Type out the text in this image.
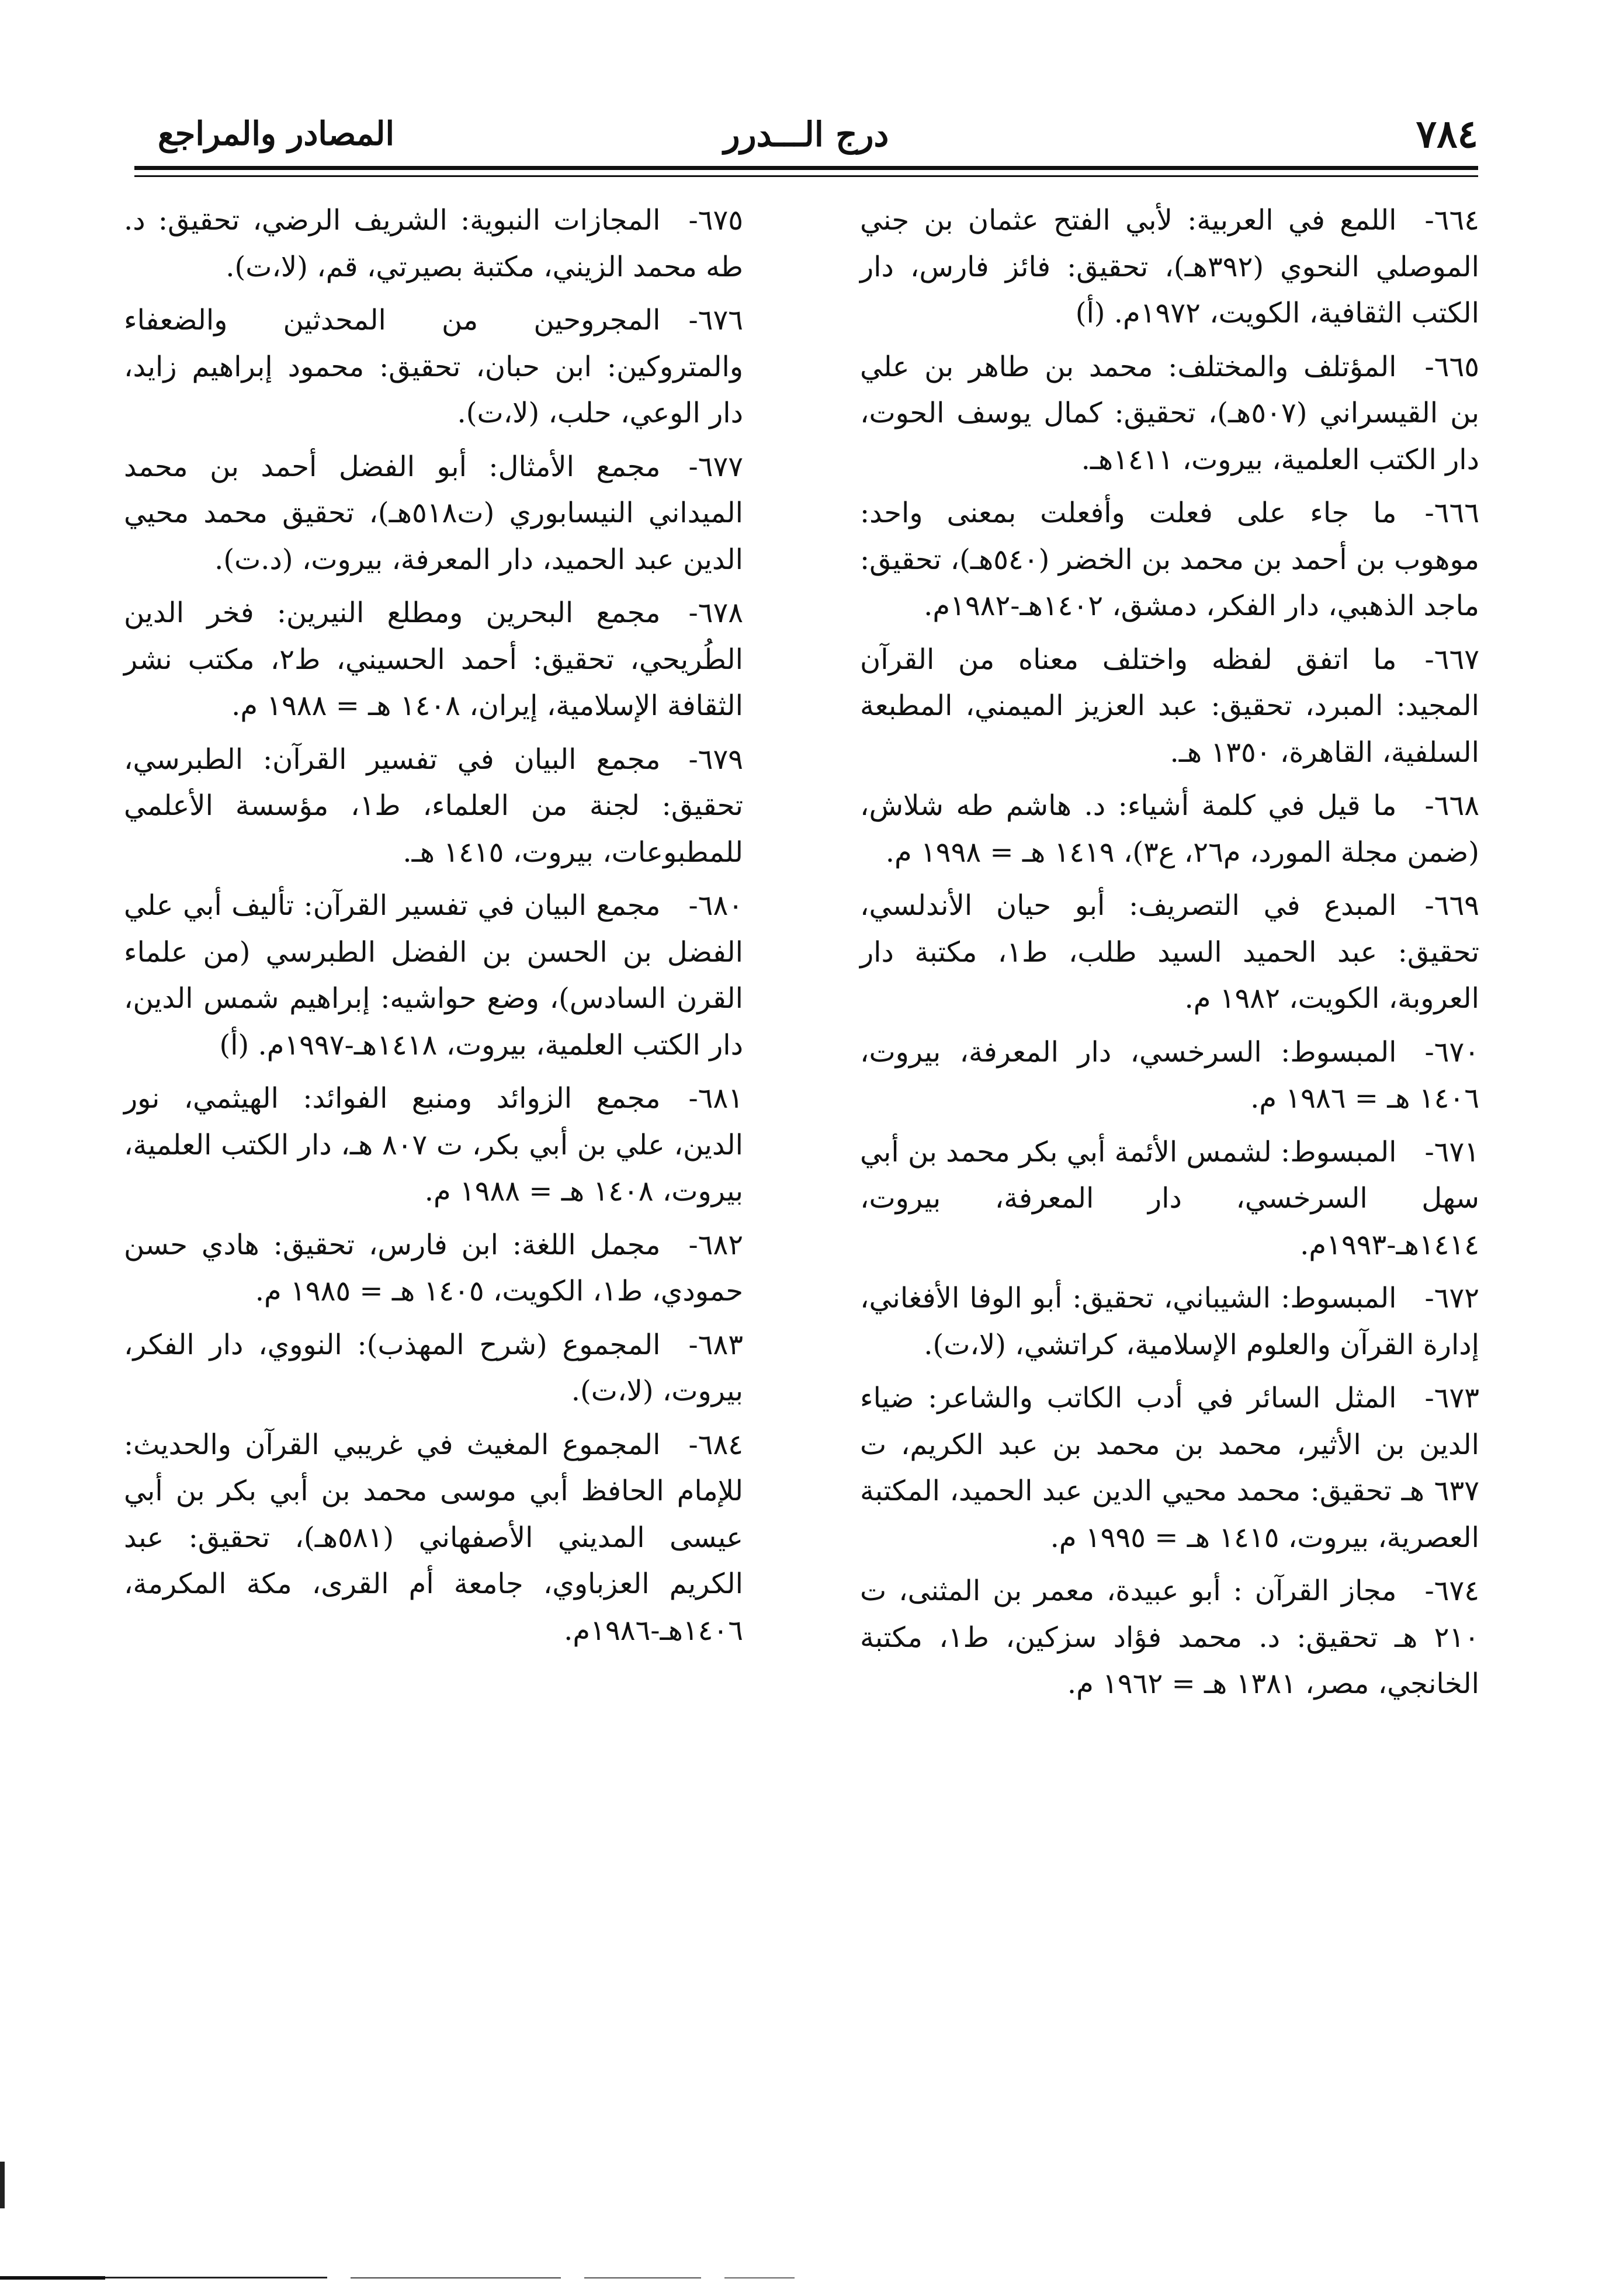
٧٨٤
درج الـــدرر
المصادر والمراجع

٦٦٤-اللمع في العربية: لأبي الفتح عثمان بن جني الموصلي النحوي (٣٩٢هـ)، تحقيق: فائز فارس، دار الكتب الثقافية، الكويت، ١٩٧٢م. (أ)

٦٦٥-المؤتلف والمختلف: محمد بن طاهر بن علي بن القيسراني (٥٠٧هـ)، تحقيق: كمال يوسف الحوت، دار الكتب العلمية، بيروت، ١٤١١هـ.

٦٦٦-ما جاء على فعلت وأفعلت بمعنى واحد: موهوب بن أحمد بن محمد بن الخضر (٥٤٠هـ)، تحقيق: ماجد الذهبي، دار الفكر، دمشق، ١٤٠٢هـ-١٩٨٢م.

٦٦٧-ما اتفق لفظه واختلف معناه من القرآن المجيد: المبرد، تحقيق: عبد العزيز الميمني، المطبعة السلفية، القاهرة، ١٣٥٠ هـ.

٦٦٨-ما قيل في كلمة أشياء: د. هاشم طه شلاش، (ضمن مجلة المورد، م٢٦، ع٣)، ١٤١٩ هـ = ١٩٩٨ م.

٦٦٩-المبدع في التصريف: أبو حيان الأندلسي، تحقيق: عبد الحميد السيد طلب، ط١، مكتبة دار العروبة، الكويت، ١٩٨٢ م.

٦٧٠-المبسوط: السرخسي، دار المعرفة، بيروت، ١٤٠٦ هـ = ١٩٨٦ م.

٦٧١-المبسوط: لشمس الأئمة أبي بكر محمد بن أبي سهل السرخسي، دار المعرفة، بيروت، ١٤١٤هـ-١٩٩٣م.

٦٧٢-المبسوط: الشيباني، تحقيق: أبو الوفا الأفغاني، إدارة القرآن والعلوم الإسلامية، كراتشي، (لا،ت).

٦٧٣-المثل السائر في أدب الكاتب والشاعر: ضياء الدين بن الأثير، محمد بن محمد بن عبد الكريم، ت ٦٣٧ هـ تحقيق: محمد محيي الدين عبد الحميد، المكتبة العصرية، بيروت، ١٤١٥ هـ = ١٩٩٥ م.

٦٧٤-مجاز القرآن : أبو عبيدة، معمر بن المثنى، ت ٢١٠ هـ تحقيق: د. محمد فؤاد سزكين، ط١، مكتبة الخانجي، مصر، ١٣٨١ هـ = ١٩٦٢ م.

٦٧٥-المجازات النبوية: الشريف الرضي، تحقيق: د. طه محمد الزيني، مكتبة بصيرتي، قم، (لا،ت).

٦٧٦-المجروحين من المحدثين والضعفاء والمتروكين: ابن حبان، تحقيق: محمود إبراهيم زايد، دار الوعي، حلب، (لا،ت).

٦٧٧-مجمع الأمثال: أبو الفضل أحمد بن محمد الميداني النيسابوري (ت٥١٨هـ)، تحقيق محمد محيي الدين عبد الحميد، دار المعرفة، بيروت، (د.ت).

٦٧٨-مجمع البحرين ومطلع النيرين: فخر الدين الطُريحي، تحقيق: أحمد الحسيني، ط٢، مكتب نشر الثقافة الإسلامية، إيران، ١٤٠٨ هـ = ١٩٨٨ م.

٦٧٩-مجمع البيان في تفسير القرآن: الطبرسي، تحقيق: لجنة من العلماء، ط١، مؤسسة الأعلمي للمطبوعات، بيروت، ١٤١٥ هـ.

٦٨٠-مجمع البيان في تفسير القرآن: تأليف أبي علي الفضل بن الحسن بن الفضل الطبرسي (من علماء القرن السادس)، وضع حواشيه: إبراهيم شمس الدين، دار الكتب العلمية، بيروت، ١٤١٨هـ-١٩٩٧م. (أ)

٦٨١-مجمع الزوائد ومنبع الفوائد: الهيثمي، نور الدين، علي بن أبي بكر، ت ٨٠٧ هـ، دار الكتب العلمية، بيروت، ١٤٠٨ هـ = ١٩٨٨ م.

٦٨٢-مجمل اللغة: ابن فارس، تحقيق: هادي حسن حمودي، ط١، الكويت، ١٤٠٥ هـ = ١٩٨٥ م.

٦٨٣-المجموع (شرح المهذب): النووي، دار الفكر، بيروت، (لا،ت).

٦٨٤-المجموع المغيث في غريبي القرآن والحديث: للإمام الحافظ أبي موسى محمد بن أبي بكر بن أبي عيسى المديني الأصفهاني (٥٨١هـ)، تحقيق: عبد الكريم العزباوي، جامعة أم القرى، مكة المكرمة، ١٤٠٦هـ-١٩٨٦م.
